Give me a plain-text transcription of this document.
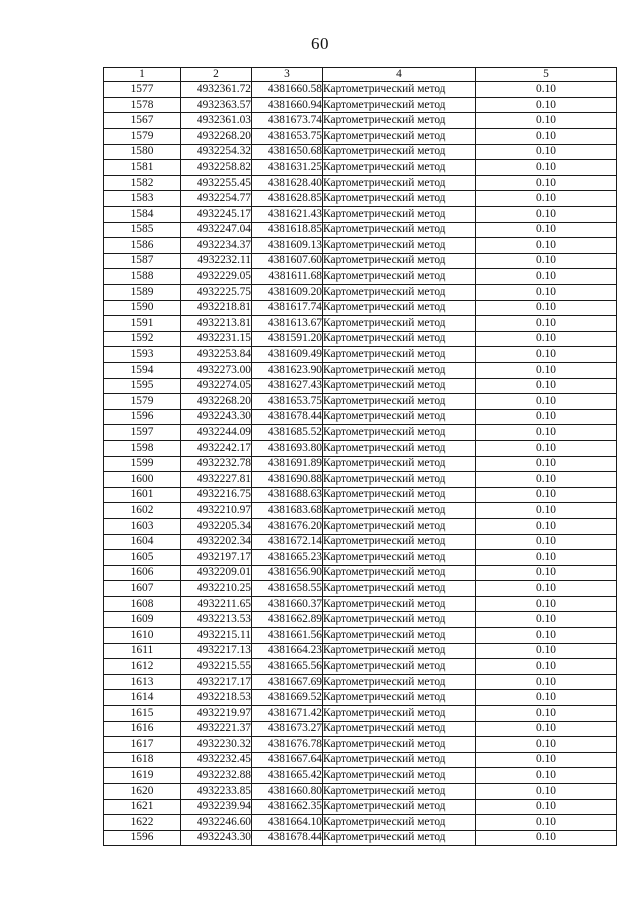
60
1	2	3	4	5
1577	4932361.72	4381660.58	Картометрический метод	0.10
1578	4932363.57	4381660.94	Картометрический метод	0.10
1567	4932361.03	4381673.74	Картометрический метод	0.10
1579	4932268.20	4381653.75	Картометрический метод	0.10
1580	4932254.32	4381650.68	Картометрический метод	0.10
1581	4932258.82	4381631.25	Картометрический метод	0.10
1582	4932255.45	4381628.40	Картометрический метод	0.10
1583	4932254.77	4381628.85	Картометрический метод	0.10
1584	4932245.17	4381621.43	Картометрический метод	0.10
1585	4932247.04	4381618.85	Картометрический метод	0.10
1586	4932234.37	4381609.13	Картометрический метод	0.10
1587	4932232.11	4381607.60	Картометрический метод	0.10
1588	4932229.05	4381611.68	Картометрический метод	0.10
1589	4932225.75	4381609.20	Картометрический метод	0.10
1590	4932218.81	4381617.74	Картометрический метод	0.10
1591	4932213.81	4381613.67	Картометрический метод	0.10
1592	4932231.15	4381591.20	Картометрический метод	0.10
1593	4932253.84	4381609.49	Картометрический метод	0.10
1594	4932273.00	4381623.90	Картометрический метод	0.10
1595	4932274.05	4381627.43	Картометрический метод	0.10
1579	4932268.20	4381653.75	Картометрический метод	0.10
1596	4932243.30	4381678.44	Картометрический метод	0.10
1597	4932244.09	4381685.52	Картометрический метод	0.10
1598	4932242.17	4381693.80	Картометрический метод	0.10
1599	4932232.78	4381691.89	Картометрический метод	0.10
1600	4932227.81	4381690.88	Картометрический метод	0.10
1601	4932216.75	4381688.63	Картометрический метод	0.10
1602	4932210.97	4381683.68	Картометрический метод	0.10
1603	4932205.34	4381676.20	Картометрический метод	0.10
1604	4932202.34	4381672.14	Картометрический метод	0.10
1605	4932197.17	4381665.23	Картометрический метод	0.10
1606	4932209.01	4381656.90	Картометрический метод	0.10
1607	4932210.25	4381658.55	Картометрический метод	0.10
1608	4932211.65	4381660.37	Картометрический метод	0.10
1609	4932213.53	4381662.89	Картометрический метод	0.10
1610	4932215.11	4381661.56	Картометрический метод	0.10
1611	4932217.13	4381664.23	Картометрический метод	0.10
1612	4932215.55	4381665.56	Картометрический метод	0.10
1613	4932217.17	4381667.69	Картометрический метод	0.10
1614	4932218.53	4381669.52	Картометрический метод	0.10
1615	4932219.97	4381671.42	Картометрический метод	0.10
1616	4932221.37	4381673.27	Картометрический метод	0.10
1617	4932230.32	4381676.78	Картометрический метод	0.10
1618	4932232.45	4381667.64	Картометрический метод	0.10
1619	4932232.88	4381665.42	Картометрический метод	0.10
1620	4932233.85	4381660.80	Картометрический метод	0.10
1621	4932239.94	4381662.35	Картометрический метод	0.10
1622	4932246.60	4381664.10	Картометрический метод	0.10
1596	4932243.30	4381678.44	Картометрический метод	0.10
